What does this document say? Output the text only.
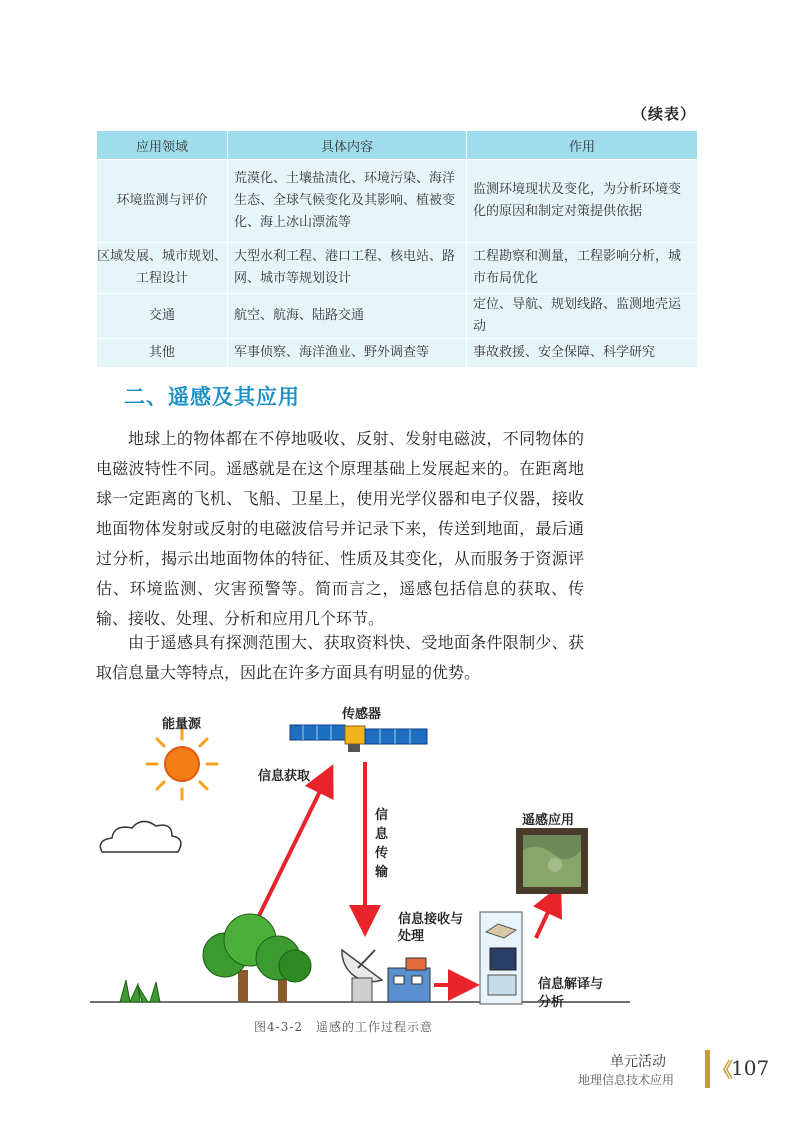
（续表）
应用领域	具体内容	作用
环境监测与评价	荒漠化、土壤盐渍化、环境污染、海洋生态、全球气候变化及其影响、植被变化、海上冰山漂流等	监测环境现状及变化，为分析环境变化的原因和制定对策提供依据
区域发展、城市规划、工程设计	大型水利工程、港口工程、核电站、路网、城市等规划设计	工程勘察和测量，工程影响分析，城市布局优化
交通	航空、航海、陆路交通	定位、导航、规划线路、监测地壳运动
其他	军事侦察、海洋渔业、野外调查等	事故救援、安全保障、科学研究
二、遥感及其应用

地球上的物体都在不停地吸收、反射、发射电磁波，不同物体的电磁波特性不同。遥感就是在这个原理基础上发展起来的。在距离地球一定距离的飞机、飞船、卫星上，使用光学仪器和电子仪器，接收地面物体发射或反射的电磁波信号并记录下来，传送到地面，最后通过分析，揭示出地面物体的特征、性质及其变化，从而服务于资源评估、环境监测、灾害预警等。简而言之，遥感包括信息的获取、传输、接收、处理、分析和应用几个环节。

由于遥感具有探测范围大、获取资料快、受地面条件限制少、获取信息量大等特点，因此在许多方面具有明显的优势。

能量源
传感器
信息获取
信息传输
信息接收与处理
遥感应用
信息解译与分析
图4-3-2　遥感的工作过程示意
单元活动
地理信息技术应用 《
107
